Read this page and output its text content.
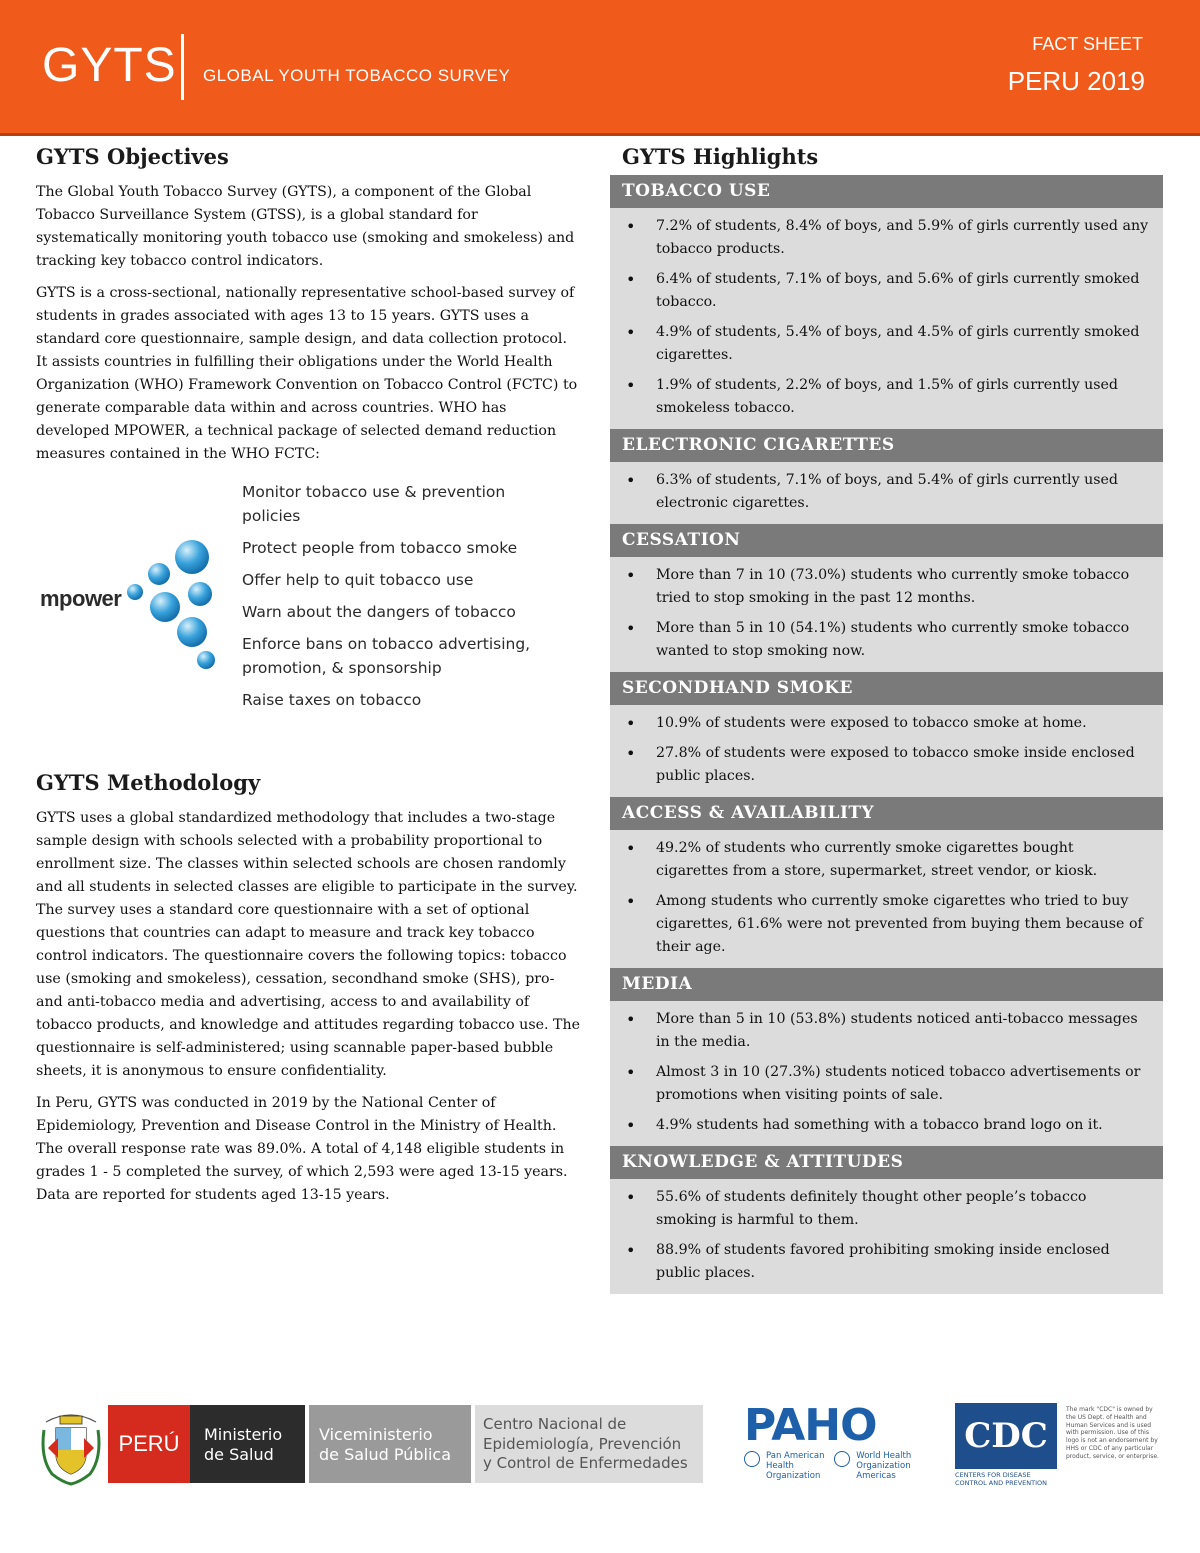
GYTS GLOBAL YOUTH TOBACCO SURVEY
FACT SHEET
PERU 2019
GYTS Objectives

The Global Youth Tobacco Survey (GYTS), a component of the Global Tobacco Surveillance System (GTSS), is a global standard for systematically monitoring youth tobacco use (smoking and smokeless) and tracking key tobacco control indicators.

GYTS is a cross-sectional, nationally representative school-based survey of students in grades associated with ages 13 to 15 years. GYTS uses a standard core questionnaire, sample design, and data collection protocol. It assists countries in fulfilling their obligations under the World Health Organization (WHO) Framework Convention on Tobacco Control (FCTC) to generate comparable data within and across countries. WHO has developed MPOWER, a technical package of selected demand reduction measures contained in the WHO FCTC:

mpower
Monitor tobacco use & prevention policies
Protect people from tobacco smoke
Offer help to quit tobacco use
Warn about the dangers of tobacco
Enforce bans on tobacco advertising, promotion, & sponsorship
Raise taxes on tobacco
GYTS Methodology

GYTS uses a global standardized methodology that includes a two-stage sample design with schools selected with a probability proportional to enrollment size. The classes within selected schools are chosen randomly and all students in selected classes are eligible to participate in the survey. The survey uses a standard core questionnaire with a set of optional questions that countries can adapt to measure and track key tobacco control indicators. The questionnaire covers the following topics: tobacco use (smoking and smokeless), cessation, secondhand smoke (SHS), pro- and anti-tobacco media and advertising, access to and availability of tobacco products, and knowledge and attitudes regarding tobacco use. The questionnaire is self-administered; using scannable paper-based bubble sheets, it is anonymous to ensure confidentiality.

In Peru, GYTS was conducted in 2019 by the National Center of Epidemiology, Prevention and Disease Control in the Ministry of Health. The overall response rate was 89.0%. A total of 4,148 eligible students in grades 1 - 5 completed the survey, of which 2,593 were aged 13-15 years. Data are reported for students aged 13-15 years.

GYTS Highlights
TOBACCO USE
• 7.2% of students, 8.4% of boys, and 5.9% of girls currently used any tobacco products.
• 6.4% of students, 7.1% of boys, and 5.6% of girls currently smoked tobacco.
• 4.9% of students, 5.4% of boys, and 4.5% of girls currently smoked cigarettes.
• 1.9% of students, 2.2% of boys, and 1.5% of girls currently used smokeless tobacco.
ELECTRONIC CIGARETTES
• 6.3% of students, 7.1% of boys, and 5.4% of girls currently used electronic cigarettes.
CESSATION
• More than 7 in 10 (73.0%) students who currently smoke tobacco tried to stop smoking in the past 12 months.
• More than 5 in 10 (54.1%) students who currently smoke tobacco wanted to stop smoking now.
SECONDHAND SMOKE
• 10.9% of students were exposed to tobacco smoke at home.
• 27.8% of students were exposed to tobacco smoke inside enclosed public places.
ACCESS & AVAILABILITY
• 49.2% of students who currently smoke cigarettes bought cigarettes from a store, supermarket, street vendor, or kiosk.
• Among students who currently smoke cigarettes who tried to buy cigarettes, 61.6% were not prevented from buying them because of their age.
MEDIA
• More than 5 in 10 (53.8%) students noticed anti-tobacco messages in the media.
• Almost 3 in 10 (27.3%) students noticed tobacco advertisements or promotions when visiting points of sale.
• 4.9% students had something with a tobacco brand logo on it.
KNOWLEDGE & ATTITUDES
• 55.6% of students definitely thought other people’s tobacco smoking is harmful to them.
• 88.9% of students favored prohibiting smoking inside enclosed public places.
PERÚ	Ministerio
de Salud
Viceministerio
de Salud Pública
Centro Nacional de
Epidemiología, Prevención
y Control de Enfermedades
PAHO
Pan American Health Organization
World Health Organization Americas
CDC
CENTERS FOR DISEASE CONTROL AND PREVENTION
The mark "CDC" is owned by the US Dept. of Health and Human Services and is used with permission. Use of this logo is not an endorsement by HHS or CDC of any particular product, service, or enterprise.
